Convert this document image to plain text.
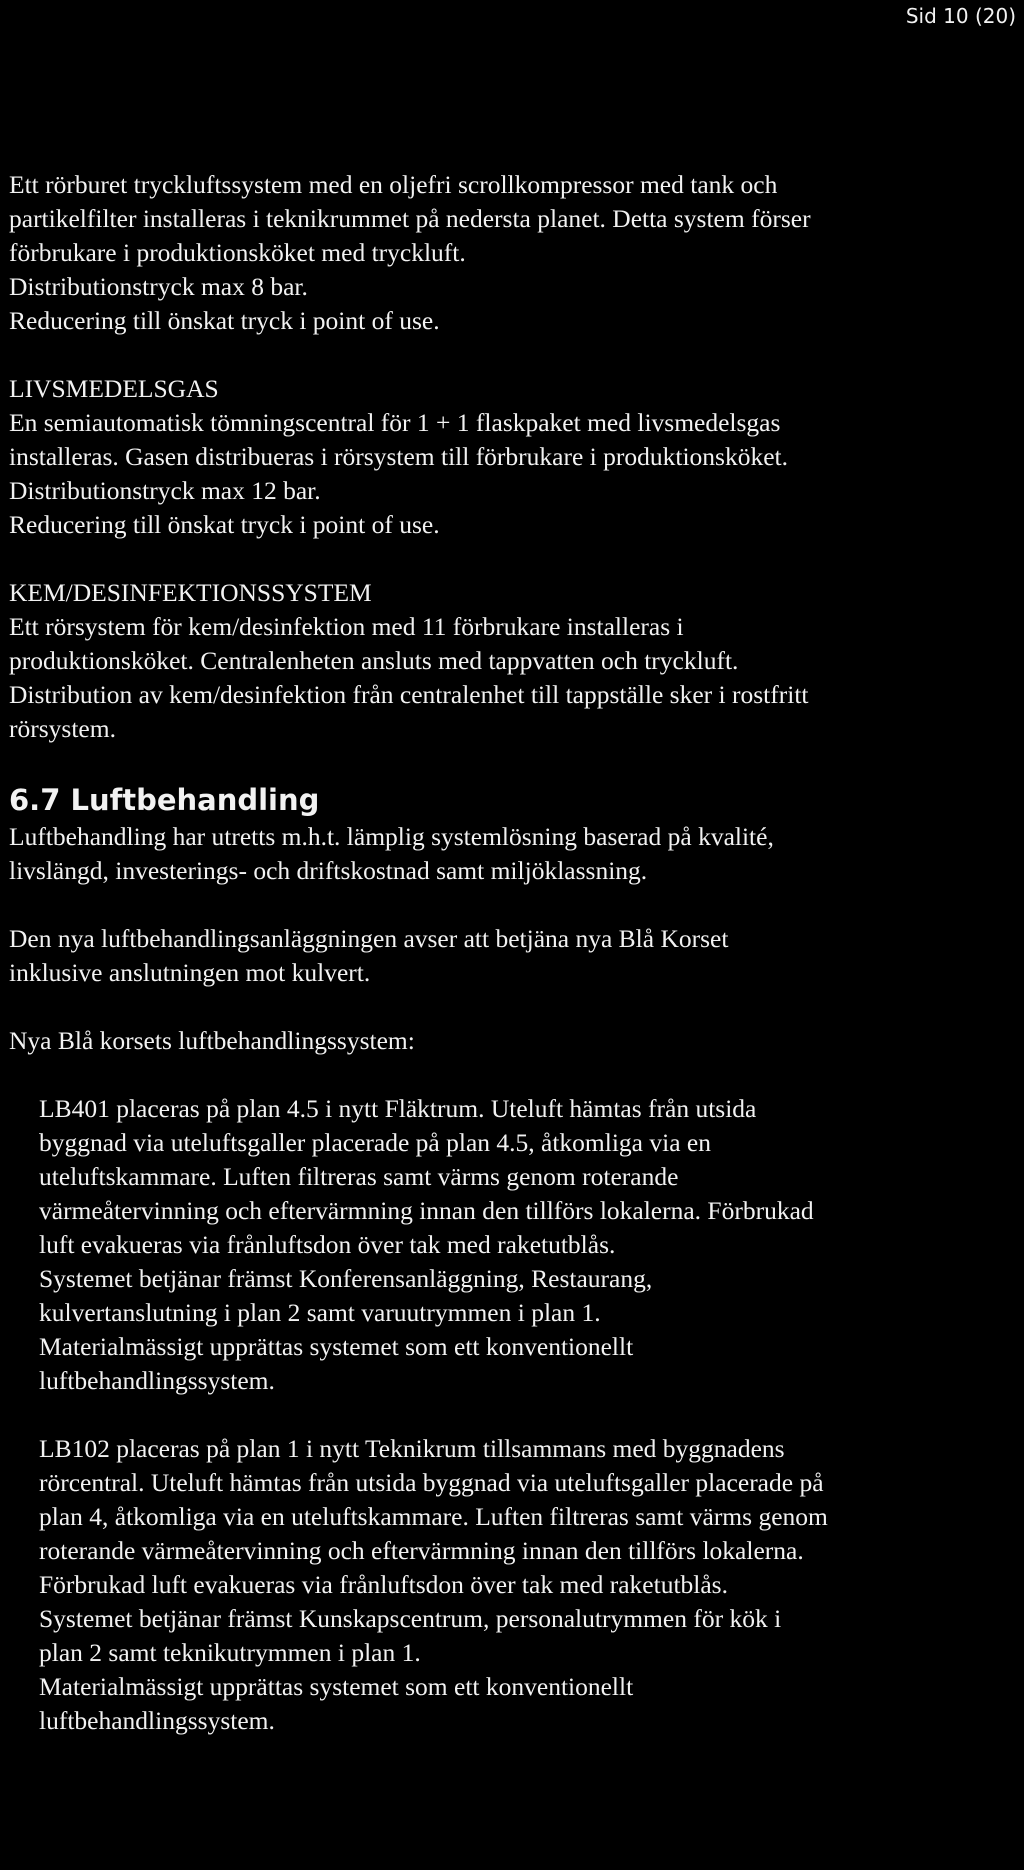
Sid 10 (20)

Ett rörburet tryckluftssystem med en oljefri scrollkompressor med tank och

partikelfilter installeras i teknikrummet på nedersta planet. Detta system förser

förbrukare i produktionsköket med tryckluft.

Distributionstryck max 8 bar.

Reducering till önskat tryck i point of use.

LIVSMEDELSGAS

En semiautomatisk tömningscentral för 1 + 1 flaskpaket med livsmedelsgas

installeras. Gasen distribueras i rörsystem till förbrukare i produktionsköket.

Distributionstryck max 12 bar.

Reducering till önskat tryck i point of use.

KEM/DESINFEKTIONSSYSTEM

Ett rörsystem för kem/desinfektion med 11 förbrukare installeras i

produktionsköket. Centralenheten ansluts med tappvatten och tryckluft.

Distribution av kem/desinfektion från centralenhet till tappställe sker i rostfritt

rörsystem.

6.7 Luftbehandling

Luftbehandling har utretts m.h.t. lämplig systemlösning baserad på kvalité,

livslängd, investerings- och driftskostnad samt miljöklassning.

Den nya luftbehandlingsanläggningen avser att betjäna nya Blå Korset

inklusive anslutningen mot kulvert.

Nya Blå korsets luftbehandlingssystem:

LB401 placeras på plan 4.5 i nytt Fläktrum. Uteluft hämtas från utsida

byggnad via uteluftsgaller placerade på plan 4.5, åtkomliga via en

uteluftskammare. Luften filtreras samt värms genom roterande

värmeåtervinning och eftervärmning innan den tillförs lokalerna. Förbrukad

luft evakueras via frånluftsdon över tak med raketutblås.

Systemet betjänar främst Konferensanläggning, Restaurang,

kulvertanslutning i plan 2 samt varuutrymmen i plan 1.

Materialmässigt upprättas systemet som ett konventionellt

luftbehandlingssystem.

LB102 placeras på plan 1 i nytt Teknikrum tillsammans med byggnadens

rörcentral. Uteluft hämtas från utsida byggnad via uteluftsgaller placerade på

plan 4, åtkomliga via en uteluftskammare. Luften filtreras samt värms genom

roterande värmeåtervinning och eftervärmning innan den tillförs lokalerna.

Förbrukad luft evakueras via frånluftsdon över tak med raketutblås.

Systemet betjänar främst Kunskapscentrum, personalutrymmen för kök i

plan 2 samt teknikutrymmen i plan 1.

Materialmässigt upprättas systemet som ett konventionellt

luftbehandlingssystem.
